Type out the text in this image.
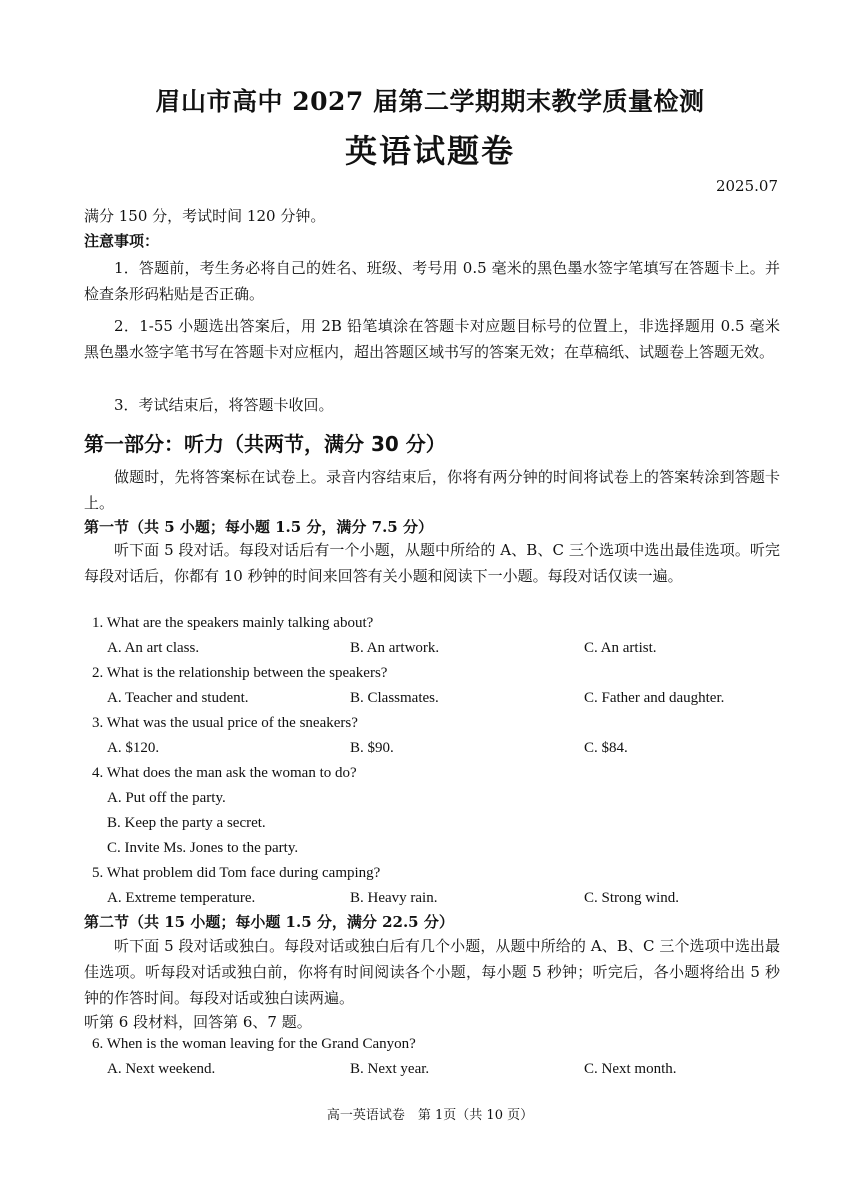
眉山市高中 2027 届第二学期期末教学质量检测
英语试题卷
2025.07
满分 150 分，考试时间 120 分钟。
注意事项：
1．答题前，考生务必将自己的姓名、班级、考号用 0.5 毫米的黑色墨水签字笔填写在答题卡上。并检查条形码粘贴是否正确。
2．1-55 小题选出答案后，用 2B 铅笔填涂在答题卡对应题目标号的位置上，非选择题用 0.5 毫米黑色墨水签字笔书写在答题卡对应框内，超出答题区域书写的答案无效；在草稿纸、试题卷上答题无效。
3．考试结束后，将答题卡收回。
第一部分：听力（共两节，满分 30 分）
做题时，先将答案标在试卷上。录音内容结束后，你将有两分钟的时间将试卷上的答案转涂到答题卡上。
第一节（共 5 小题；每小题 1.5 分，满分 7.5 分）
听下面 5 段对话。每段对话后有一个小题，从题中所给的 A、B、C 三个选项中选出最佳选项。听完每段对话后，你都有 10 秒钟的时间来回答有关小题和阅读下一小题。每段对话仅读一遍。
1. What are the speakers mainly talking about?
A. An art class.	B. An artwork.	C. An artist.
2. What is the relationship between the speakers?
A. Teacher and student.	B. Classmates.	C. Father and daughter.
3. What was the usual price of the sneakers?
A. $120.	B. $90.	C. $84.
4. What does the man ask the woman to do?
A. Put off the party.
B. Keep the party a secret.
C. Invite Ms. Jones to the party.
5. What problem did Tom face during camping?
A. Extreme temperature.	B. Heavy rain.	C. Strong wind.
第二节（共 15 小题；每小题 1.5 分，满分 22.5 分）
听下面 5 段对话或独白。每段对话或独白后有几个小题，从题中所给的 A、B、C 三个选项中选出最佳选项。听每段对话或独白前，你将有时间阅读各个小题，每小题 5 秒钟；听完后，各小题将给出 5 秒钟的作答时间。每段对话或独白读两遍。
听第 6 段材料，回答第 6、7 题。
6. When is the woman leaving for the Grand Canyon?
A. Next weekend.	B. Next year.	C. Next month.
高一英语试卷　第 1页（共 10 页）
